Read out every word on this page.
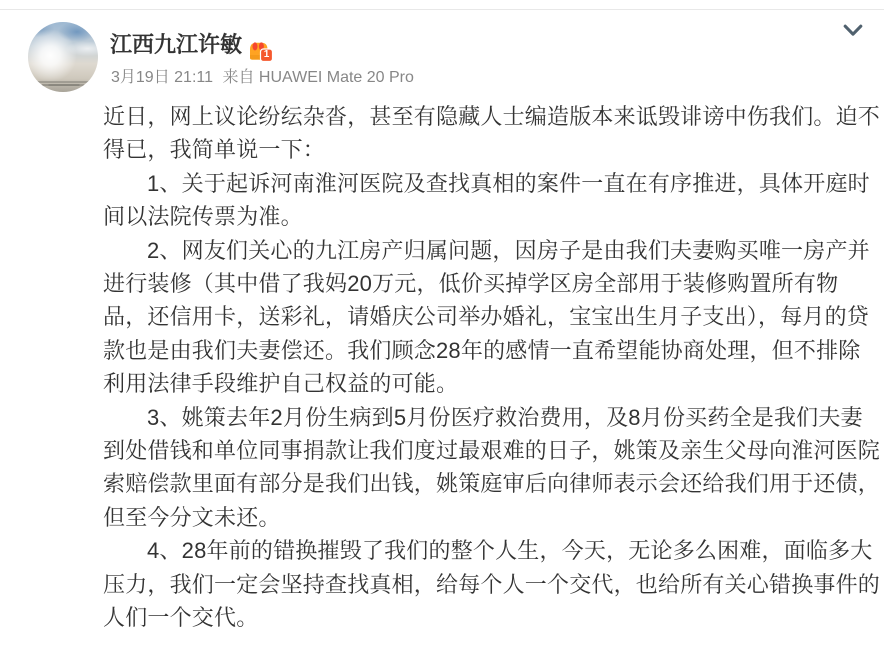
江西九江许敏 1
3月19日 21:11 来自 HUAWEI Mate 20 Pro

近日，网上议论纷纭杂沓，甚至有隐藏人士编造版本来诋毁诽谤中伤我们。迫不得已，我简单说一下：

1、关于起诉河南淮河医院及查找真相的案件一直在有序推进，具体开庭时间以法院传票为准。

2、网友们关心的九江房产归属问题，因房子是由我们夫妻购买唯一房产并进行装修（其中借了我妈20万元，低价买掉学区房全部用于装修购置所有物品，还信用卡，送彩礼，请婚庆公司举办婚礼，宝宝出生月子支出），每月的贷款也是由我们夫妻偿还。我们顾念28年的感情一直希望能协商处理，但不排除利用法律手段维护自己权益的可能。

3、姚策去年2月份生病到5月份医疗救治费用，及8月份买药全是我们夫妻到处借钱和单位同事捐款让我们度过最艰难的日子，姚策及亲生父母向淮河医院索赔偿款里面有部分是我们出钱，姚策庭审后向律师表示会还给我们用于还债，但至今分文未还。

4、28年前的错换摧毁了我们的整个人生，今天，无论多么困难，面临多大压力，我们一定会坚持查找真相，给每个人一个交代，也给所有关心错换事件的人们一个交代。
